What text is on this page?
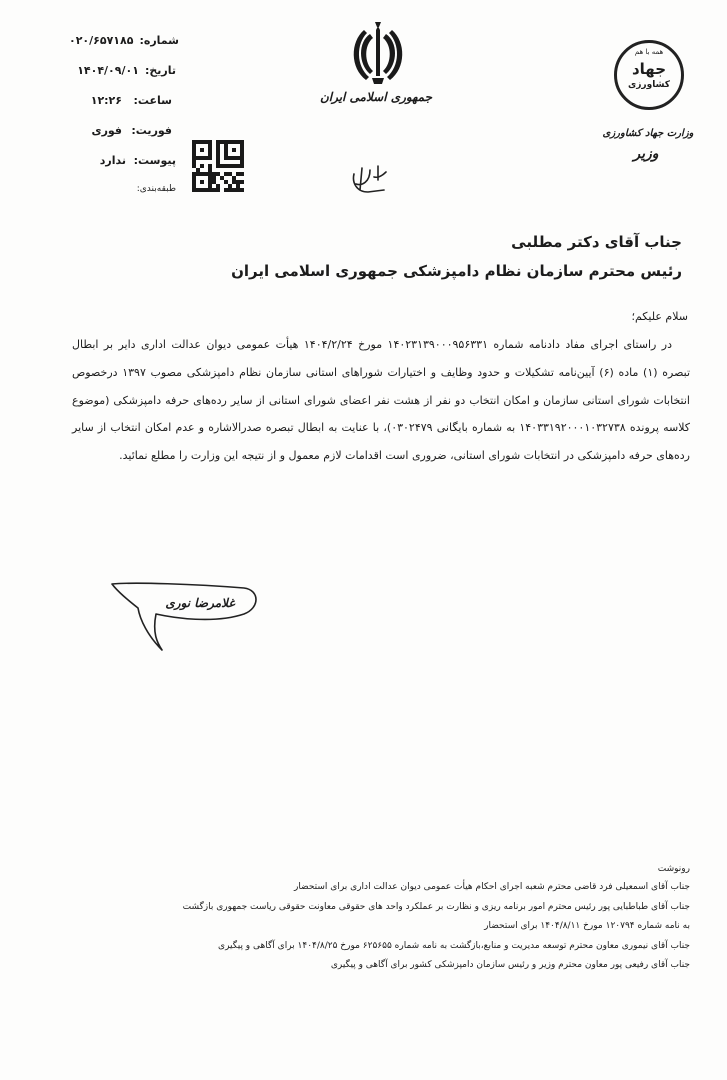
شماره:۰۲۰/۶۵۷۱۸۵
تاریخ:۱۴۰۴/۰۹/۰۱
ساعت:۱۲:۲۶
فوریت:فوری
پیوست:ندارد
طبقه‌بندی:
جمهوری اسلامی ایران
همه با هم
جهاد
کشاورزی
وزارت جهاد کشاورزی
وزیر
جناب آقای دکتر مطلبی
رئیس محترم سازمان نظام دامپزشکی جمهوری اسلامی ایران
سلام علیکم؛
در راستای اجرای مفاد دادنامه شماره ۱۴۰۲۳۱۳۹۰۰۰۹۵۶۳۳۱ مورخ ۱۴۰۴/۲/۲۴ هیأت عمومی دیوان عدالت اداری دایر بر ابطال تبصره (۱) ماده (۶) آیین‌نامه تشکیلات و حدود وظایف و اختیارات شوراهای استانی سازمان نظام دامپزشکی مصوب ۱۳۹۷ درخصوص انتخابات شورای استانی سازمان و امکان انتخاب دو نفر از هشت نفر اعضای شورای استانی از سایر رده‌های حرفه دامپزشکی (موضوع کلاسه پرونده ۱۴۰۳۳۱۹۲۰۰۰۱۰۳۲۷۳۸ به شماره بایگانی ۰۳۰۲۴۷۹)، با عنایت به ابطال تبصره صدرالاشاره و عدم امکان انتخاب از سایر رده‌های حرفه دامپزشکی در انتخابات شورای استانی، ضروری است اقدامات لازم معمول و از نتیجه این وزارت را مطلع نمائید.
غلامرضا نوری
رونوشت
جناب آقای اسمعیلی فرد قاضی محترم شعبه اجرای احکام هیأت عمومی دیوان عدالت اداری برای استحضار
جناب آقای طباطبایی پور رئیس محترم امور برنامه ریزی و نظارت بر عملکرد واحد های حقوقی معاونت حقوقی ریاست جمهوری بازگشت
به نامه شماره ۱۲۰۷۹۴ مورخ ۱۴۰۴/۸/۱۱ برای استحضار
جناب آقای نیموری معاون محترم توسعه مدیریت و منابع،بازگشت به نامه شماره ۶۲۵۶۵۵ مورخ ۱۴۰۴/۸/۲۵ برای آگاهی و پیگیری
جناب آقای رفیعی پور معاون محترم وزیر و رئیس سازمان دامپزشکی کشور برای آگاهی و پیگیری
